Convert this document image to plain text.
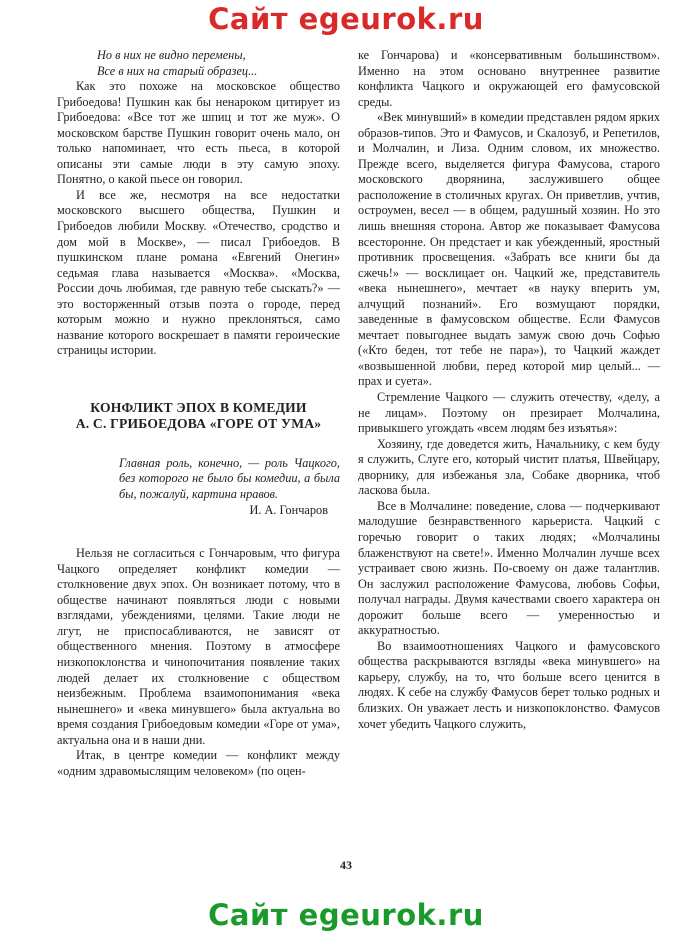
Сайт egeurok.ru

Но в них не видно перемены,

Все в них на старый образец...

Как это похоже на московское общество Грибоедова! Пушкин как бы ненароком цитирует из Грибоедова: «Все тот же шпиц и тот же муж». О московском барстве Пушкин говорит очень мало, он только напоминает, что есть пьеса, в которой описаны эти самые люди в эту самую эпоху. Понятно, о какой пьесе он говорил.

И все же, несмотря на все недостатки московского высшего общества, Пушкин и Грибоедов любили Москву. «Отечество, сродство и дом мой в Москве», — писал Грибоедов. В пушкинском плане романа «Евгений Онегин» седьмая глава называется «Москва». «Москва, России дочь любимая, где равную тебе сыскать?» — это восторженный отзыв поэта о городе, перед которым можно и нужно преклоняться, само название которого воскрешает в памяти героические страницы истории.

КОНФЛИКТ ЭПОХ В КОМЕДИИ
А. С. ГРИБОЕДОВА «ГОРЕ ОТ УМА»

Главная роль, конечно, — роль Чацкого, без которого не было бы комедии, а была бы, пожалуй, картина нравов.

И. А. Гончаров

Нельзя не согласиться с Гончаровым, что фигура Чацкого определяет конфликт комедии — столкновение двух эпох. Он возникает потому, что в обществе начинают появляться люди с новыми взглядами, убеждениями, целями. Такие люди не лгут, не приспосабливаются, не зависят от общественного мнения. Поэтому в атмосфере низкопоклонства и чинопочитания появление таких людей делает их столкновение с обществом неизбежным. Проблема взаимопонимания «века нынешнего» и «века минувшего» была актуальна во время создания Грибоедовым комедии «Горе от ума», актуальна она и в наши дни.

Итак, в центре комедии — конфликт между «одним здравомыслящим человеком» (по оцен-

ке Гончарова) и «консервативным большинством». Именно на этом основано внутреннее развитие конфликта Чацкого и окружающей его фамусовской среды.

«Век минувший» в комедии представлен рядом ярких образов-типов. Это и Фамусов, и Скалозуб, и Репетилов, и Молчалин, и Лиза. Одним словом, их множество. Прежде всего, выделяется фигура Фамусова, старого московского дворянина, заслужившего общее расположение в столичных кругах. Он приветлив, учтив, остроумен, весел — в общем, радушный хозяин. Но это лишь внешняя сторона. Автор же показывает Фамусова всесторонне. Он предстает и как убежденный, яростный противник просвещения. «Забрать все книги бы да сжечь!» — восклицает он. Чацкий же, представитель «века нынешнего», мечтает «в науку вперить ум, алчущий познаний». Его возмущают порядки, заведенные в фамусовском обществе. Если Фамусов мечтает повыгоднее выдать замуж свою дочь Софью («Кто беден, тот тебе не пара»), то Чацкий жаждет «возвышенной любви, перед которой мир целый... — прах и суета».

Стремление Чацкого — служить отечеству, «делу, а не лицам». Поэтому он презирает Молчалина, привыкшего угождать «всем людям без изъятья»:

Хозяину, где доведется жить, Начальнику, с кем буду я служить, Слуге его, который чистит платья, Швейцару, дворнику, для избежанья зла, Собаке дворника, чтоб ласкова была.

Все в Молчалине: поведение, слова — подчеркивают малодушие безнравственного карьериста. Чацкий с горечью говорит о таких людях; «Молчалины блаженствуют на свете!». Именно Молчалин лучше всех устраивает свою жизнь. По-своему он даже талантлив. Он заслужил расположение Фамусова, любовь Софьи, получал награды. Двумя качествами своего характера он дорожит больше всего — умеренностью и аккуратностью.

Во взаимоотношениях Чацкого и фамусовского общества раскрываются взгляды «века минувшего» на карьеру, службу, на то, что больше всего ценится в людях. К себе на службу Фамусов берет только родных и близких. Он уважает лесть и низкопоклонство. Фамусов хочет убедить Чацкого служить,

43
Сайт egeurok.ru
